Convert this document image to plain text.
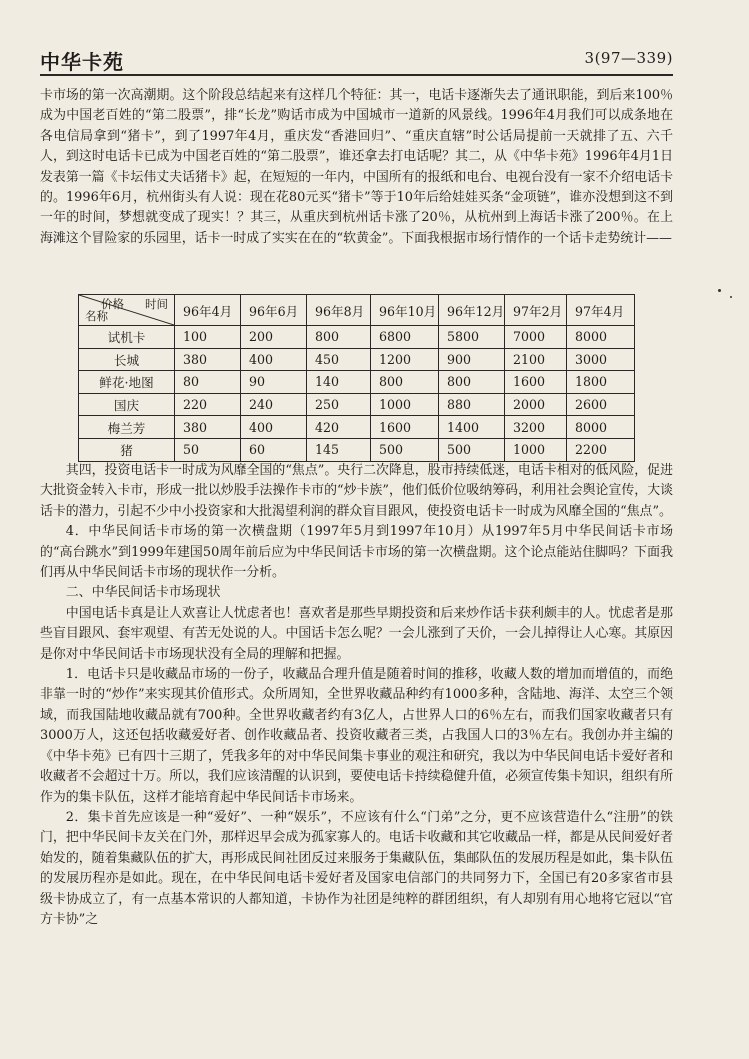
中华卡苑	3(97—339)

卡市场的第一次高潮期。这个阶段总结起来有这样几个特征：其一，电话卡逐渐失去了通讯职能，到后来100％成为中国老百姓的“第二股票”，排“长龙”购话市成为中国城市一道新的风景线。1996年4月我们可以成条地在各电信局拿到“猪卡”，到了1997年4月，重庆发“香港回归”、“重庆直辖”时公话局提前一天就排了五、六千人，到这时电话卡已成为中国老百姓的“第二股票”，谁还拿去打电话呢？其二，从《中华卡苑》1996年4月1日发表第一篇《卡坛伟丈夫话猪卡》起，在短短的一年内，中国所有的报纸和电台、电视台没有一家不介绍电话卡的。1996年6月，杭州街头有人说：现在花80元买“猪卡”等于10年后给娃娃买条“金项链”，谁亦没想到这不到一年的时间，梦想就变成了现实！？其三，从重庆到杭州话卡涨了20％，从杭州到上海话卡涨了200％。在上海滩这个冒险家的乐园里，话卡一时成了实实在在的“软黄金”。下面我根据市场行情作的一个话卡走势统计——

时间
价格
名称	96年4月	96年6月	96年8月	96年10月	96年12月	97年2月	97年4月
试机卡	100	200	800	6800	5800	7000	8000
长城	380	400	450	1200	900	2100	3000
鲜花·地图	80	90	140	800	800	1600	1800
国庆	220	240	250	1000	880	2000	2600
梅兰芳	380	400	420	1600	1400	3200	8000
猪	50	60	145	500	500	1000	2200

其四，投资电话卡一时成为风靡全国的“焦点”。央行二次降息，股市持续低迷，电话卡相对的低风险，促进大批资金转入卡市，形成一批以炒股手法操作卡市的“炒卡族”，他们低价位吸纳筹码，利用社会舆论宣传，大谈话卡的潜力，引起不少中小投资家和大批渴望利润的群众盲目跟风，使投资电话卡一时成为风靡全国的“焦点”。

4．中华民间话卡市场的第一次横盘期（1997年5月到1997年10月）从1997年5月中华民间话卡市场的“高台跳水”到1999年建国50周年前后应为中华民间话卡市场的第一次横盘期。这个论点能站住脚吗？下面我们再从中华民间话卡市场的现状作一分析。

二、中华民间话卡市场现状

中国电话卡真是让人欢喜让人忧虑者也！喜欢者是那些早期投资和后来炒作话卡获利颇丰的人。忧虑者是那些盲目跟风、套牢观望、有苦无处说的人。中国话卡怎么呢？一会儿涨到了天价，一会儿掉得让人心寒。其原因是你对中华民间话卡市场现状没有全局的理解和把握。

1．电话卡只是收藏品市场的一份子，收藏品合理升值是随着时间的推移，收藏人数的增加而增值的，而绝非靠一时的“炒作”来实现其价值形式。众所周知，全世界收藏品种约有1000多种，含陆地、海洋、太空三个领域，而我国陆地收藏品就有700种。全世界收藏者约有3亿人，占世界人口的6％左右，而我们国家收藏者只有3000万人，这还包括收藏爱好者、创作收藏品者、投资收藏者三类，占我国人口的3％左右。我创办并主编的《中华卡苑》已有四十三期了，凭我多年的对中华民间集卡事业的观注和研究，我以为中华民间电话卡爱好者和收藏者不会超过十万。所以，我们应该清醒的认识到，要使电话卡持续稳健升值，必须宣传集卡知识，组织有所作为的集卡队伍，这样才能培育起中华民间话卡市场来。

2．集卡首先应该是一种“爱好”、一种“娱乐”，不应该有什么“门弟”之分，更不应该营造什么“注册”的铁门，把中华民间卡友关在门外，那样迟早会成为孤家寡人的。电话卡收藏和其它收藏品一样，都是从民间爱好者始发的，随着集藏队伍的扩大，再形成民间社团反过来服务于集藏队伍，集邮队伍的发展历程是如此，集卡队伍的发展历程亦是如此。现在，在中华民间电话卡爱好者及国家电信部门的共同努力下，全国已有20多家省市县级卡协成立了，有一点基本常识的人都知道，卡协作为社团是纯粹的群团组织，有人却别有用心地将它冠以“官方卡协”之
